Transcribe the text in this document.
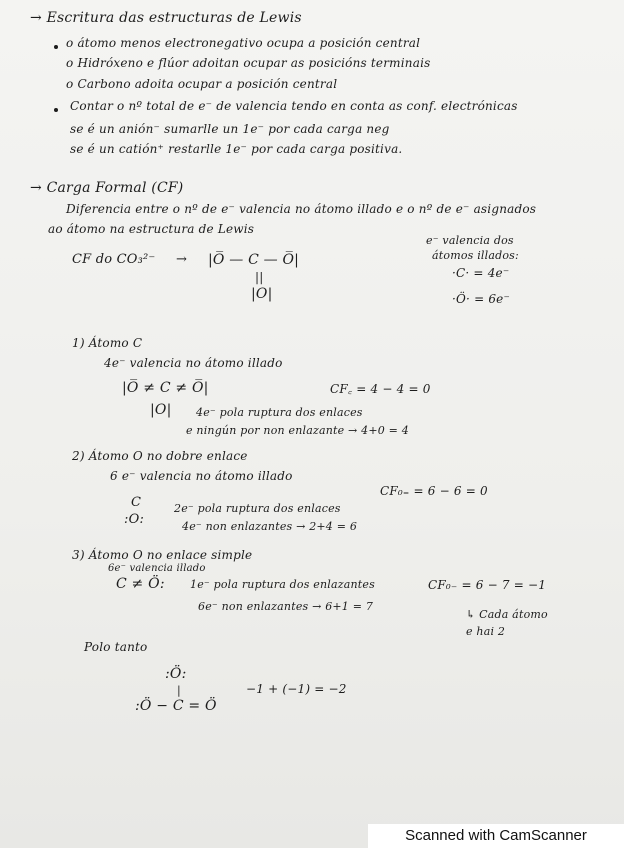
→ Escritura das estructuras de Lewis
o átomo menos electronegativo ocupa a posición central
o Hidróxeno e flúor adoitan ocupar as posicións terminais
o Carbono adoita ocupar a posición central
Contar o nº total de e⁻ de valencia tendo en conta as conf. electrónicas
se é un anión⁻ sumarlle un 1e⁻ por cada carga neg
se é un catión⁺ restarlle 1e⁻ por cada carga positiva.
→ Carga Formal (CF)
Diferencia entre o nº de e⁻ valencia no átomo illado e o nº de e⁻ asignados
ao átomo na estructura de Lewis
e⁻ valencia dos
átomos illados:
·C· = 4e⁻
·Ö· = 6e⁻
CF do CO₃²⁻ → |O̅ — C — O̅|
||
|O|
1) Átomo C
4e⁻ valencia no átomo illado
|O̅ ≠ C ≠ O̅|
|O|
CF꜀ = 4 − 4 = 0
4e⁻ pola ruptura dos enlaces
e ningún por non enlazante → 4+0 = 4
2) Átomo O no dobre enlace
6 e⁻ valencia no átomo illado
C
:O:
2e⁻ pola ruptura dos enlaces
4e⁻ non enlazantes → 2+4 = 6
CF₀₌ = 6 − 6 = 0
3) Átomo O no enlace simple
6e⁻ valencia illado
C ≠ Ö: 1e⁻ pola ruptura dos enlazantes
6e⁻ non enlazantes → 6+1 = 7
CF₀₋ = 6 − 7 = −1
↳ Cada átomo
e hai 2
Polo tanto
:Ö:
|
:Ö − C = Ö
−1 + (−1) = −2
Scanned with CamScanner
